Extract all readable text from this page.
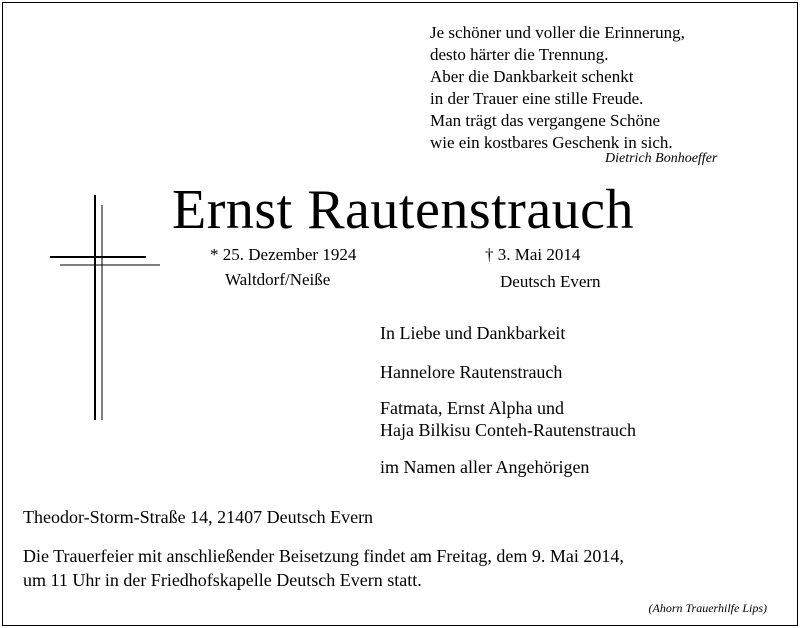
Je schöner und voller die Erinnerung,
desto härter die Trennung.
Aber die Dankbarkeit schenkt
in der Trauer eine stille Freude.
Man trägt das vergangene Schöne
wie ein kostbares Geschenk in sich.
Dietrich Bonhoeffer
Ernst Rautenstrauch
* 25. Dezember 1924
Waltdorf/Neiße
† 3. Mai 2014
Deutsch Evern
In Liebe und Dankbarkeit
Hannelore Rautenstrauch
Fatmata, Ernst Alpha und
Haja Bilkisu Conteh-Rautenstrauch
im Namen aller Angehörigen
Theodor-Storm-Straße 14, 21407 Deutsch Evern
Die Trauerfeier mit anschließender Beisetzung findet am Freitag, dem 9. Mai 2014,
um 11 Uhr in der Friedhofskapelle Deutsch Evern statt.
(Ahorn Trauerhilfe Lips)
